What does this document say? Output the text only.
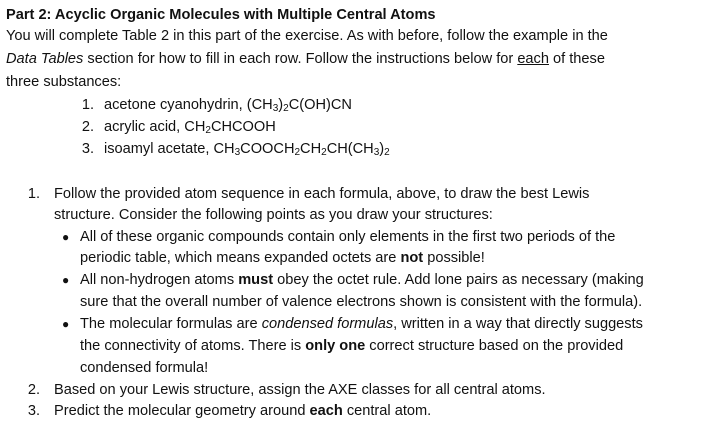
Part 2: Acyclic Organic Molecules with Multiple Central Atoms
You will complete Table 2 in this part of the exercise. As with before, follow the example in the
Data Tables section for how to fill in each row. Follow the instructions below for each of these
three substances:
1. acetone cyanohydrin, $(CH_3)_2C(OH)CN$
2. acrylic acid, $CH_2CHCOOH$
3. isoamyl acetate, $CH_3COOCH_2CH_2CH(CH_3)_2$
1. Follow the provided atom sequence in each formula, above, to draw the best Lewis
structure. Consider the following points as you draw your structures:
● All of these organic compounds contain only elements in the first two periods of the
periodic table, which means expanded octets are not possible!
● All non-hydrogen atoms must obey the octet rule. Add lone pairs as necessary (making
sure that the overall number of valence electrons shown is consistent with the formula).
● The molecular formulas are condensed formulas, written in a way that directly suggests
the connectivity of atoms. There is only one correct structure based on the provided
condensed formula!
2. Based on your Lewis structure, assign the AXE classes for all central atoms.
3. Predict the molecular geometry around each central atom.
